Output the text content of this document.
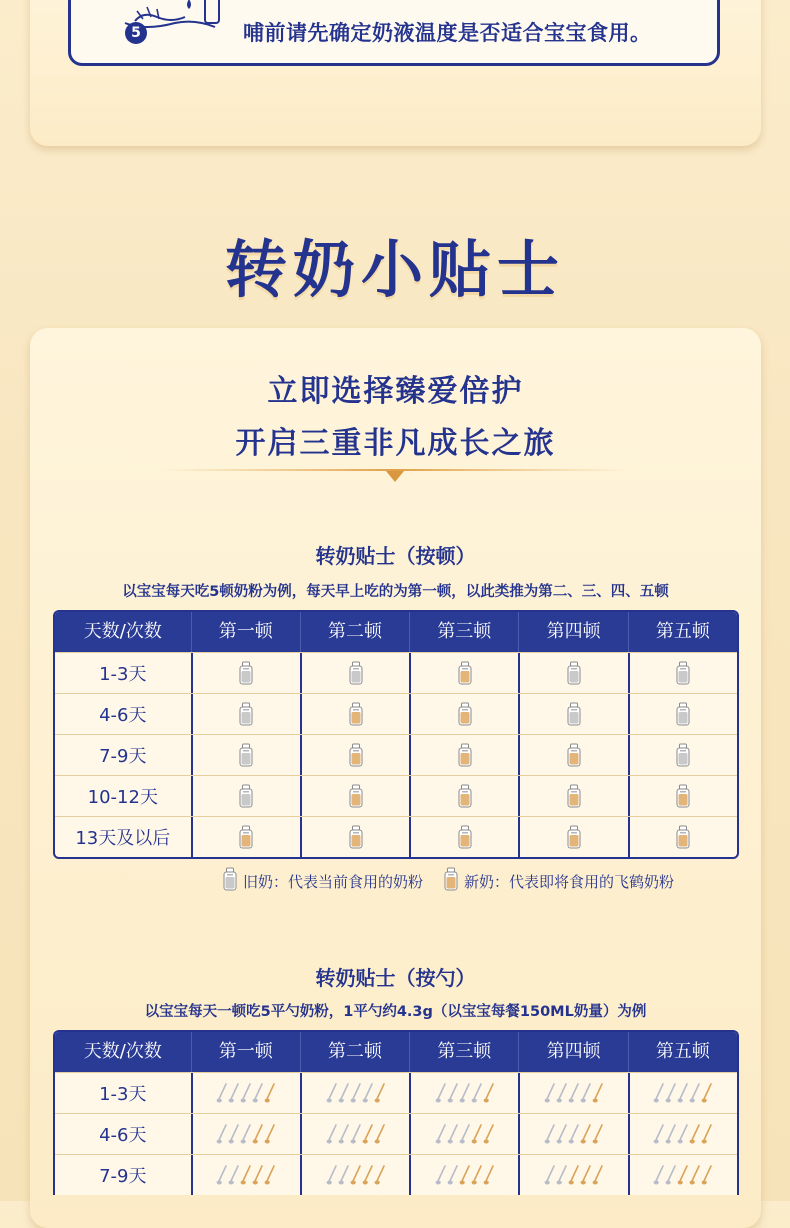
5	哺前请先确定奶液温度是否适合宝宝食用。
转奶小贴士
立即选择臻爱倍护
开启三重非凡成长之旅
转奶贴士（按顿）
以宝宝每天吃5顿奶粉为例，每天早上吃的为第一顿，以此类推为第二、三、四、五顿
天数/次数	第一顿	第二顿	第三顿	第四顿	第五顿
1-3天
4-6天
7-9天
10-12天
13天及以后
旧奶：代表当前食用的奶粉	新奶：代表即将食用的飞鹤奶粉
转奶贴士（按勺）
以宝宝每天一顿吃5平勺奶粉，1平勺约4.3g（以宝宝每餐150ML奶量）为例
天数/次数	第一顿	第二顿	第三顿	第四顿	第五顿
1-3天
4-6天
7-9天
